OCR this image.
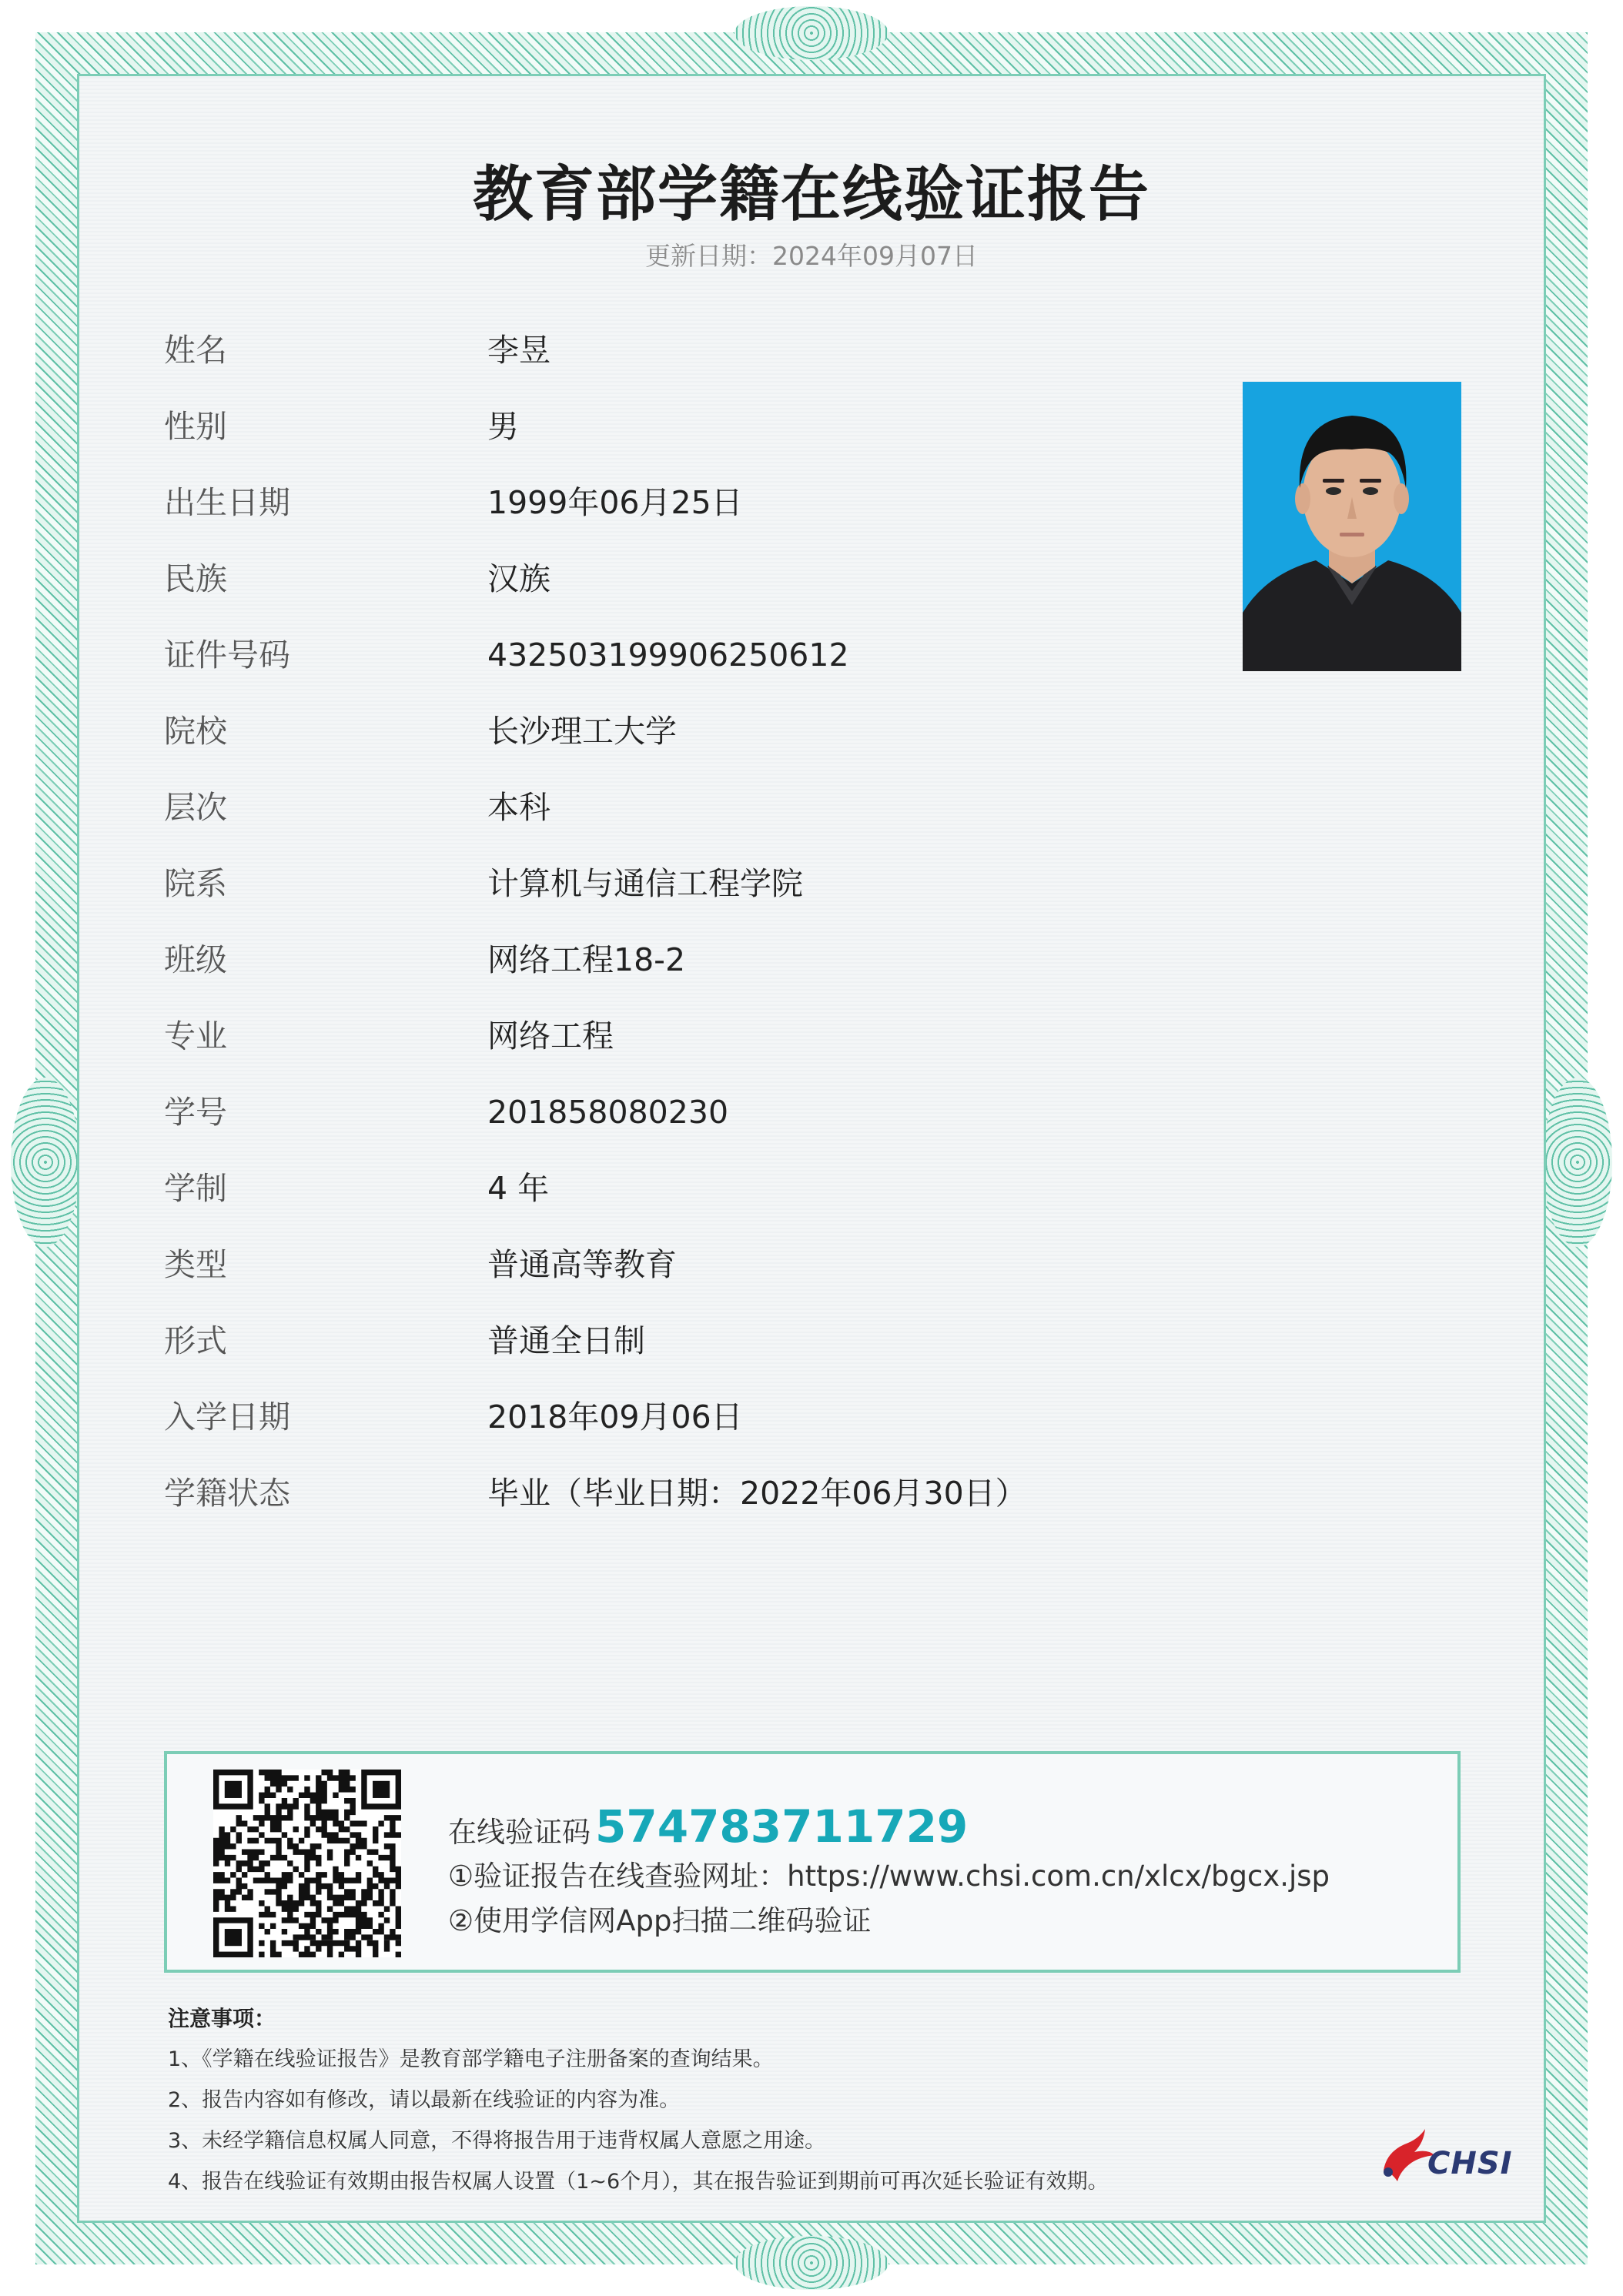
教育部学籍在线验证报告
更新日期：2024年09月07日
姓名	李昱
性别	男
出生日期	1999年06月25日
民族	汉族
证件号码	432503199906250612
院校	长沙理工大学
层次	本科
院系	计算机与通信工程学院
班级	网络工程18-2
专业	网络工程
学号	201858080230
学制	4 年
类型	普通高等教育
形式	普通全日制
入学日期	2018年09月06日
学籍状态	毕业（毕业日期：2022年06月30日）
在线验证码 574783711729
①验证报告在线查验网址：https://www.chsi.com.cn/xlcx/bgcx.jsp
②使用学信网App扫描二维码验证
注意事项：
1、《学籍在线验证报告》是教育部学籍电子注册备案的查询结果。
2、报告内容如有修改，请以最新在线验证的内容为准。
3、未经学籍信息权属人同意，不得将报告用于违背权属人意愿之用途。
4、报告在线验证有效期由报告权属人设置（1~6个月），其在报告验证到期前可再次延长验证有效期。
CHSI
